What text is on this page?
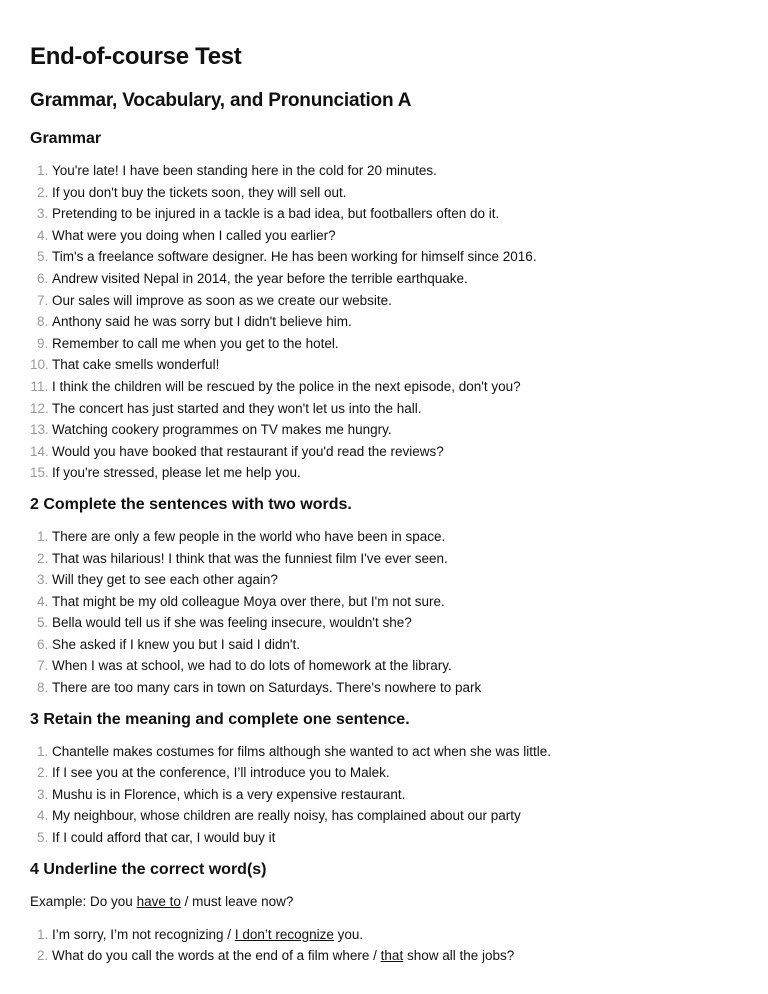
End-of-course Test
Grammar, Vocabulary, and Pronunciation A
Grammar
1. You're late! I have been standing here in the cold for 20 minutes.
2. If you don't buy the tickets soon, they will sell out.
3. Pretending to be injured in a tackle is a bad idea, but footballers often do it.
4. What were you doing when I called you earlier?
5. Tim's a freelance software designer. He has been working for himself since 2016.
6. Andrew visited Nepal in 2014, the year before the terrible earthquake.
7. Our sales will improve as soon as we create our website.
8. Anthony said he was sorry but I didn't believe him.
9. Remember to call me when you get to the hotel.
10. That cake smells wonderful!
11. I think the children will be rescued by the police in the next episode, don't you?
12. The concert has just started and they won't let us into the hall.
13. Watching cookery programmes on TV makes me hungry.
14. Would you have booked that restaurant if you'd read the reviews?
15. If you're stressed, please let me help you.
2 Complete the sentences with two words.
1. There are only a few people in the world who have been in space.
2. That was hilarious! I think that was the funniest film I've ever seen.
3. Will they get to see each other again?
4. That might be my old colleague Moya over there, but I'm not sure.
5. Bella would tell us if she was feeling insecure, wouldn't she?
6. She asked if I knew you but I said I didn't.
7. When I was at school, we had to do lots of homework at the library.
8. There are too many cars in town on Saturdays. There's nowhere to park
3 Retain the meaning and complete one sentence.
1. Chantelle makes costumes for films although she wanted to act when she was little.
2. If I see you at the conference, I’ll introduce you to Malek.
3. Mushu is in Florence, which is a very expensive restaurant.
4. My neighbour, whose children are really noisy, has complained about our party
5. If I could afford that car, I would buy it
4 Underline the correct word(s)

Example: Do you have to / must leave now?

1. I’m sorry, I’m not recognizing / I don’t recognize you.
2. What do you call the words at the end of a film where / that show all the jobs?
